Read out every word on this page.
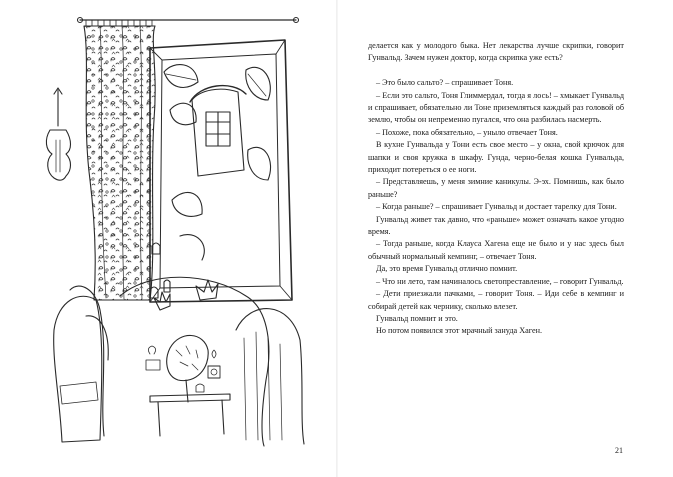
делается как у молодого быка. Нет лекарства лучше скрипки, говорит Гунвальд. Зачем нужен доктор, когда скрипка уже есть?

– Это было сальто? – спрашивает Тоня.

– Если это сальто, Тоня Глиммердал, тогда я лось! – хмыкает Гунвальд и спрашивает, обязательно ли Тоне приземляться каждый раз головой об землю, чтобы он непременно пугался, что она разбилась насмерть.

– Похоже, пока обязательно, – уныло отвечает Тоня.

В кухне Гунвальда у Тони есть свое место – у окна, свой крючок для шапки и своя кружка в шкафу. Гунда, черно-белая кошка Гунвальда, приходит потереться о ее ноги.

– Представляешь, у меня зимние каникулы. Э-эх. Помнишь, как было раньше?

– Когда раньше? – спрашивает Гунвальд и достает тарелку для Тони.

Гунвальд живет так давно, что «раньше» может означать какое угодно время.

– Тогда раньше, когда Клауса Хагена еще не было и у нас здесь был обычный нормальный кемпинг, – отвечает Тоня.

Да, это время Гунвальд отлично помнит.

– Что ни лето, там начиналось светопреставление, – говорит Гунвальд.

– Дети приезжали пачками, – говорит Тоня. – Иди себе в кемпинг и собирай детей как чернику, сколько влезет.

Гунвальд помнит и это.

Но потом появился этот мрачный зануда Хаген.

21
